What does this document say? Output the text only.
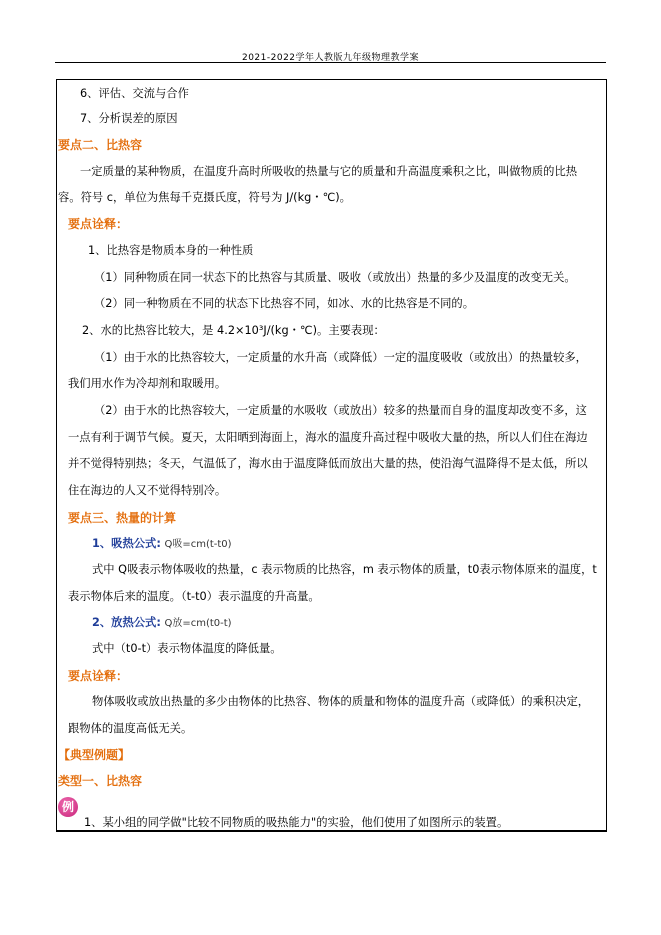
2021-2022学年人教版九年级物理教学案
6、评估、交流与合作
7、分析误差的原因
要点二、比热容
一定质量的某种物质，在温度升高时所吸收的热量与它的质量和升高温度乘积之比，叫做物质的比热
容。符号 c，单位为焦每千克摄氏度，符号为 J/(kg・℃)。
要点诠释：
1、比热容是物质本身的一种性质
（1）同种物质在同一状态下的比热容与其质量、吸收（或放出）热量的多少及温度的改变无关。
（2）同一种物质在不同的状态下比热容不同，如冰、水的比热容是不同的。
2、水的比热容比较大，是 4.2×10³J/(kg・℃)。主要表现：
（1）由于水的比热容较大，一定质量的水升高（或降低）一定的温度吸收（或放出）的热量较多，
我们用水作为冷却剂和取暖用。
（2）由于水的比热容较大，一定质量的水吸收（或放出）较多的热量而自身的温度却改变不多，这
一点有利于调节气候。夏天，太阳晒到海面上，海水的温度升高过程中吸收大量的热，所以人们住在海边
并不觉得特别热；冬天，气温低了，海水由于温度降低而放出大量的热，使沿海气温降得不是太低，所以
住在海边的人又不觉得特别冷。
要点三、热量的计算
1、吸热公式: Q吸=cm(t-t0)
式中 Q吸表示物体吸收的热量，c 表示物质的比热容，m 表示物体的质量，t0表示物体原来的温度，t
表示物体后来的温度。（t-t0）表示温度的升高量。
2、放热公式: Q放=cm(t0-t)
式中（t0-t）表示物体温度的降低量。
要点诠释：
物体吸收或放出热量的多少由物体的比热容、物体的质量和物体的温度升高（或降低）的乘积决定，
跟物体的温度高低无关。
【典型例题】
类型一、比热容
例
1、某小组的同学做"比较不同物质的吸热能力"的实验，他们使用了如图所示的装置。
